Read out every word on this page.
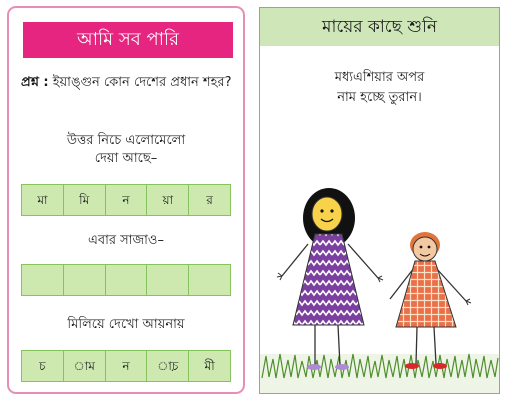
আমি সব পারি
প্রশ্ন : ইয়াঙ্গুন কোন দেশের প্রধান শহর?
উত্তর নিচে এলোমেলো
দেয়া আছে–
মা	মি	ন	য়া	র
এবার সাজাও–
মিলিয়ে দেখো আয়নায়
চ	াম	ন	াচ়	মী
মায়ের কাছে শুনি
মধ্যএশিয়ার অপর
নাম হচ্ছে তুরান।
